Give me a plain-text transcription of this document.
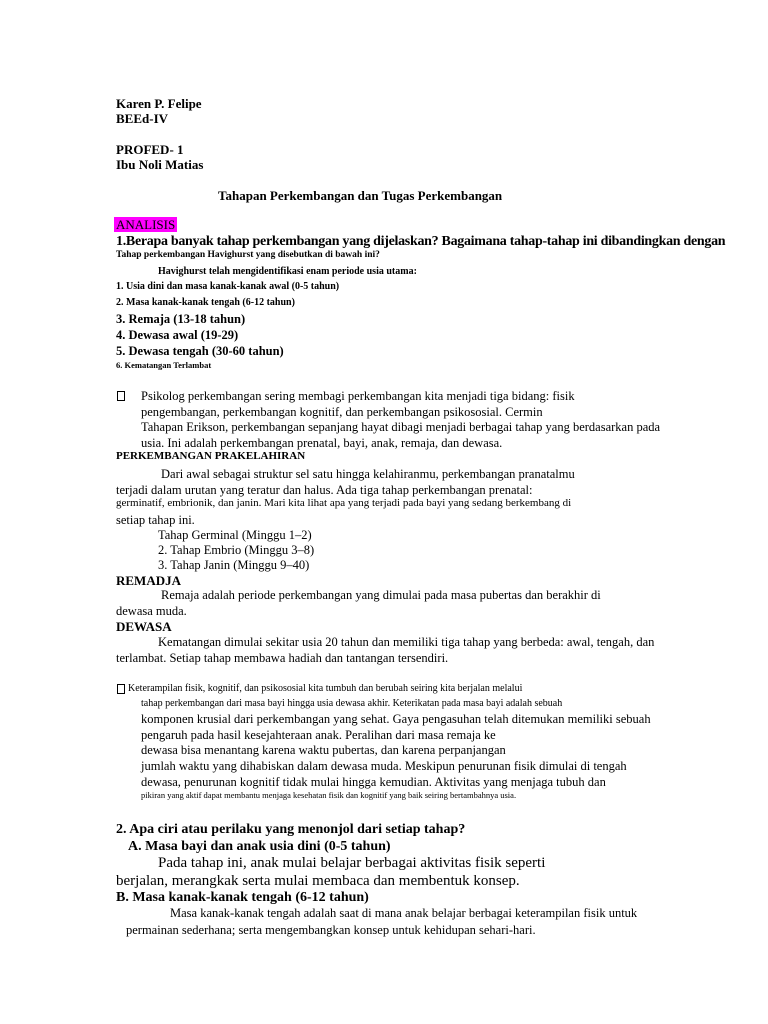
Karen P. Felipe
BEEd-IV
PROFED- 1
Ibu Noli Matias
Tahapan Perkembangan dan Tugas Perkembangan
ANALISIS
1.Berapa banyak tahap perkembangan yang dijelaskan? Bagaimana tahap-tahap ini dibandingkan dengan
Tahap perkembangan Havighurst yang disebutkan di bawah ini?
Havighurst telah mengidentifikasi enam periode usia utama:
1. Usia dini dan masa kanak-kanak awal (0-5 tahun)
2. Masa kanak-kanak tengah (6-12 tahun)
3. Remaja (13-18 tahun)
4. Dewasa awal (19-29)
5. Dewasa tengah (30-60 tahun)
6. Kematangan Terlambat
Psikolog perkembangan sering membagi perkembangan kita menjadi tiga bidang: fisik
pengembangan, perkembangan kognitif, dan perkembangan psikososial. Cermin
Tahapan Erikson, perkembangan sepanjang hayat dibagi menjadi berbagai tahap yang berdasarkan pada
usia. Ini adalah perkembangan prenatal, bayi, anak, remaja, dan dewasa.
PERKEMBANGAN PRAKELAHIRAN
Dari awal sebagai struktur sel satu hingga kelahiranmu, perkembangan pranatalmu
terjadi dalam urutan yang teratur dan halus. Ada tiga tahap perkembangan prenatal:
germinatif, embrionik, dan janin. Mari kita lihat apa yang terjadi pada bayi yang sedang berkembang di
setiap tahap ini.
Tahap Germinal (Minggu 1–2)
2. Tahap Embrio (Minggu 3–8)
3. Tahap Janin (Minggu 9–40)
REMADJA
Remaja adalah periode perkembangan yang dimulai pada masa pubertas dan berakhir di
dewasa muda.
DEWASA
Kematangan dimulai sekitar usia 20 tahun dan memiliki tiga tahap yang berbeda: awal, tengah, dan
terlambat. Setiap tahap membawa hadiah dan tantangan tersendiri.
Keterampilan fisik, kognitif, dan psikososial kita tumbuh dan berubah seiring kita berjalan melalui
tahap perkembangan dari masa bayi hingga usia dewasa akhir. Keterikatan pada masa bayi adalah sebuah
komponen krusial dari perkembangan yang sehat. Gaya pengasuhan telah ditemukan memiliki sebuah
pengaruh pada hasil kesejahteraan anak. Peralihan dari masa remaja ke
dewasa bisa menantang karena waktu pubertas, dan karena perpanjangan
jumlah waktu yang dihabiskan dalam dewasa muda. Meskipun penurunan fisik dimulai di tengah
dewasa, penurunan kognitif tidak mulai hingga kemudian. Aktivitas yang menjaga tubuh dan
pikiran yang aktif dapat membantu menjaga kesehatan fisik dan kognitif yang baik seiring bertambahnya usia.
2. Apa ciri atau perilaku yang menonjol dari setiap tahap?
A. Masa bayi dan anak usia dini (0-5 tahun)
Pada tahap ini, anak mulai belajar berbagai aktivitas fisik seperti
berjalan, merangkak serta mulai membaca dan membentuk konsep.
B. Masa kanak-kanak tengah (6-12 tahun)
Masa kanak-kanak tengah adalah saat di mana anak belajar berbagai keterampilan fisik untuk
permainan sederhana; serta mengembangkan konsep untuk kehidupan sehari-hari.
